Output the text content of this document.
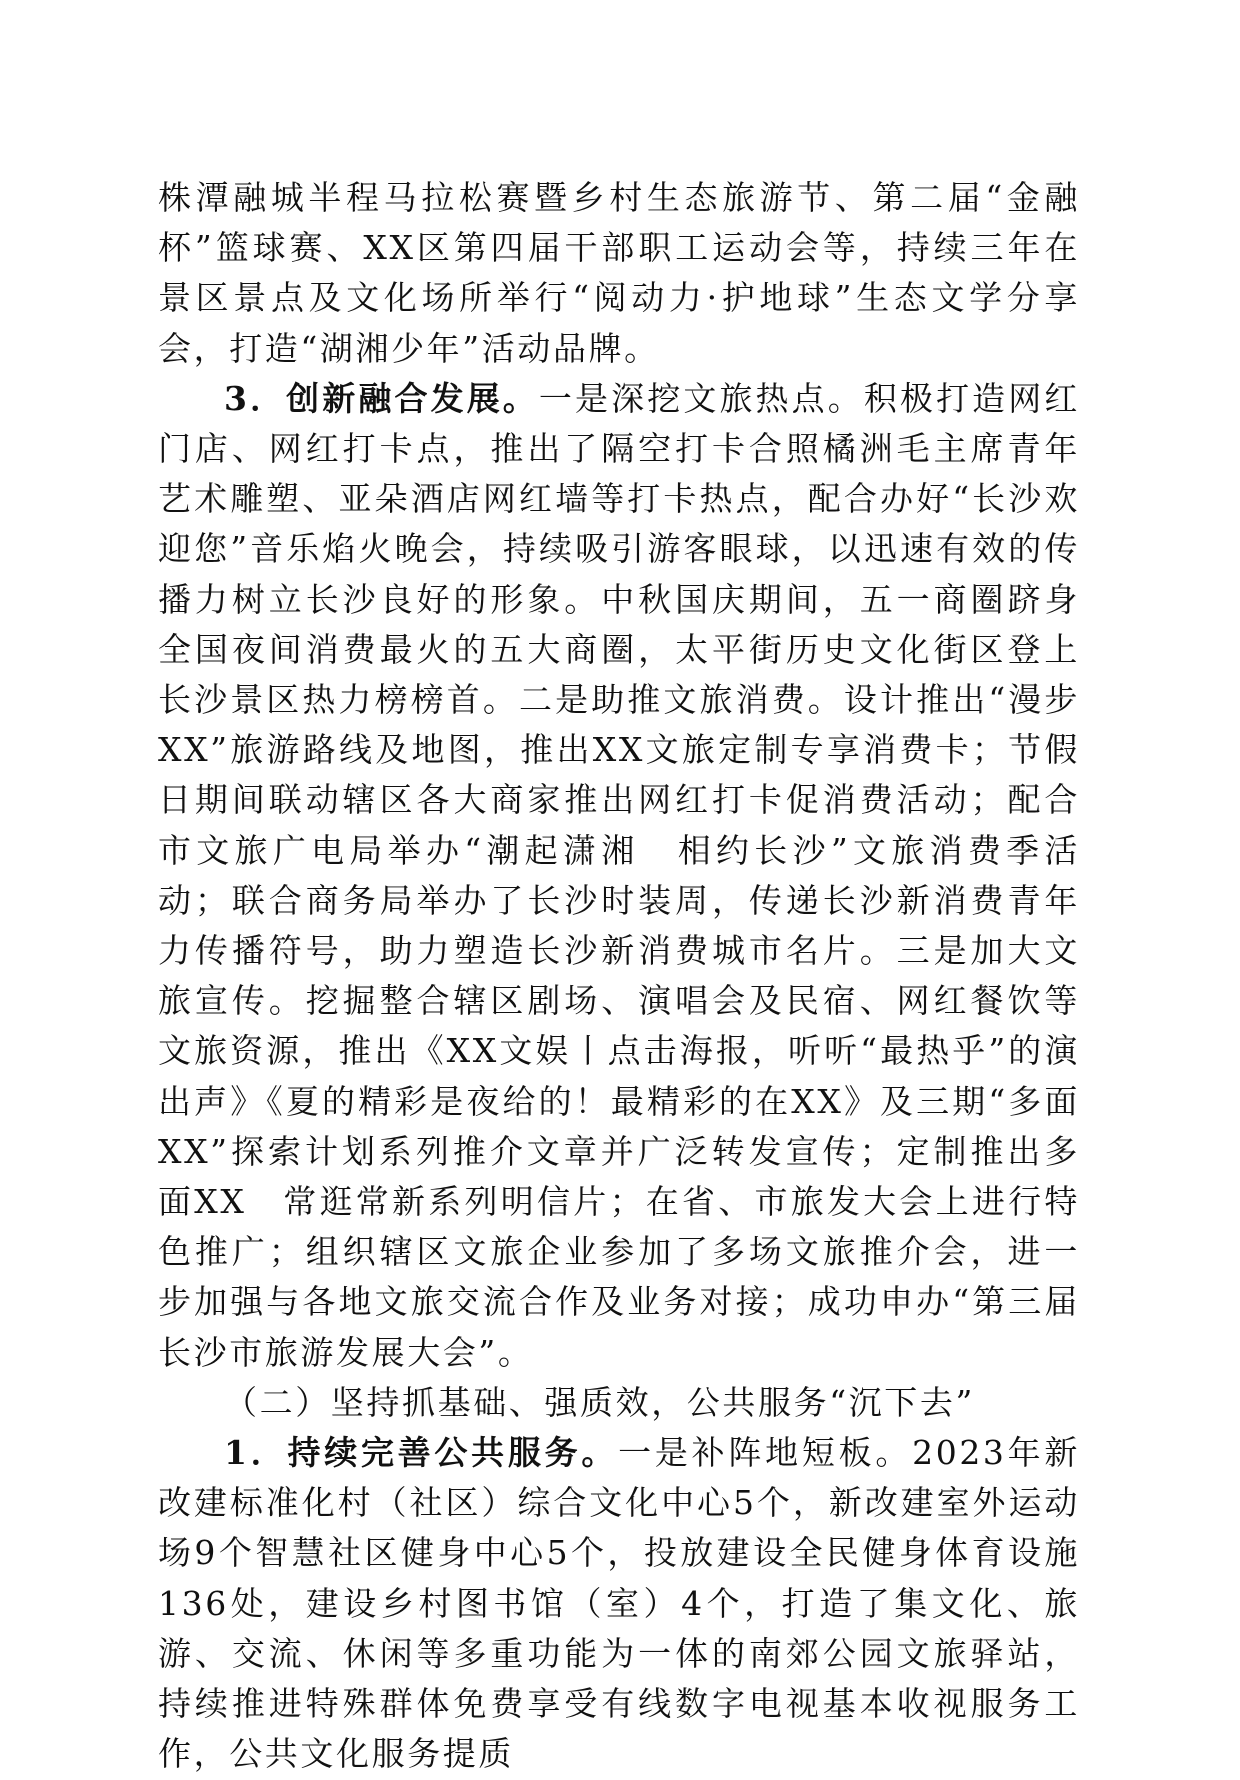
株潭融城半程马拉松赛暨乡村生态旅游节、第二届“金融杯”篮球赛、XX区第四届干部职工运动会等，持续三年在景区景点及文化场所举行“阅动力·护地球”生态文学分享会，打造“湖湘少年”活动品牌。

3．创新融合发展。一是深挖文旅热点。积极打造网红门店、网红打卡点，推出了隔空打卡合照橘洲毛主席青年艺术雕塑、亚朵酒店网红墙等打卡热点，配合办好“长沙欢迎您”音乐焰火晚会，持续吸引游客眼球，以迅速有效的传播力树立长沙良好的形象。中秋国庆期间，五一商圈跻身全国夜间消费最火的五大商圈，太平街历史文化街区登上长沙景区热力榜榜首。二是助推文旅消费。设计推出“漫步XX”旅游路线及地图，推出XX文旅定制专享消费卡；节假日期间联动辖区各大商家推出网红打卡促消费活动；配合市文旅广电局举办“潮起潇湘　相约长沙”文旅消费季活动；联合商务局举办了长沙时装周，传递长沙新消费青年力传播符号，助力塑造长沙新消费城市名片。三是加大文旅宣传。挖掘整合辖区剧场、演唱会及民宿、网红餐饮等文旅资源，推出《XX文娱丨点击海报，听听“最热乎”的演出声》《夏的精彩是夜给的！最精彩的在XX》及三期“多面XX”探索计划系列推介文章并广泛转发宣传；定制推出多面XX　常逛常新系列明信片；在省、市旅发大会上进行特色推广；组织辖区文旅企业参加了多场文旅推介会，进一步加强与各地文旅交流合作及业务对接；成功申办“第三届长沙市旅游发展大会”。

（二）坚持抓基础、强质效，公共服务“沉下去”

1．持续完善公共服务。一是补阵地短板。2023年新改建标准化村（社区）综合文化中心5个，新改建室外运动场9个智慧社区健身中心5个，投放建设全民健身体育设施136处，建设乡村图书馆（室）4个，打造了集文化、旅游、交流、休闲等多重功能为一体的南郊公园文旅驿站，持续推进特殊群体免费享受有线数字电视基本收视服务工作，公共文化服务提质
